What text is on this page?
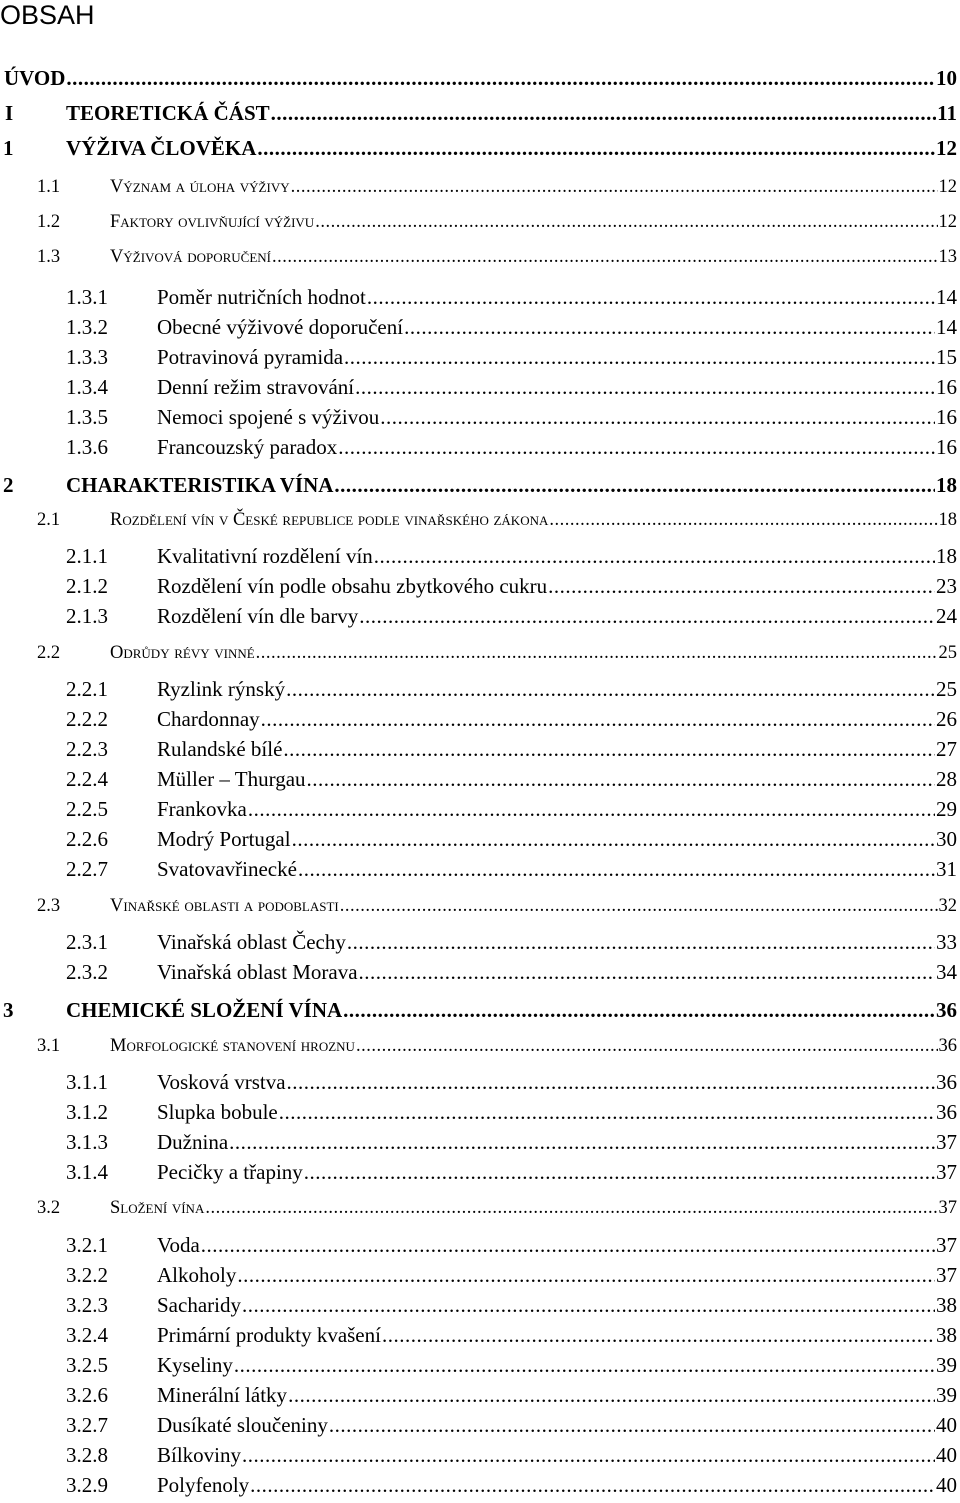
OBSAH
ÚVOD .....	10
I	TEORETICKÁ ČÁST .....	11
1	VÝŽIVA ČLOVĚKA .....	12
1.1	Význam a úloha výživy .....	12
1.2	Faktory ovlivňující výživu .....	12
1.3	Výživová doporučení .....	13
1.3.1 Poměr nutričních hodnot .....	14
1.3.2 Obecné výživové doporučení .....	14
1.3.3 Potravinová pyramida .....	15
1.3.4 Denní režim stravování .....	16
1.3.5 Nemoci spojené s výživou .....	16
1.3.6 Francouzský paradox .....	16
2	CHARAKTERISTIKA VÍNA .....	18
2.1	Rozdělení vín v České republice podle vinařského zákona .....	18
2.1.1 Kvalitativní rozdělení vín .....	18
2.1.2 Rozdělení vín podle obsahu zbytkového cukru .....	23
2.1.3 Rozdělení vín dle barvy .....	24
2.2	Odrůdy révy vinné .....	25
2.2.1 Ryzlink rýnský .....	25
2.2.2 Chardonnay .....	26
2.2.3 Rulandské bílé .....	27
2.2.4 Müller – Thurgau .....	28
2.2.5 Frankovka .....	29
2.2.6 Modrý Portugal .....	30
2.2.7 Svatovavřinecké .....	31
2.3	Vinařské oblasti a podoblasti .....	32
2.3.1 Vinařská oblast Čechy .....	33
2.3.2 Vinařská oblast Morava .....	34
3	CHEMICKÉ SLOŽENÍ VÍNA .....	36
3.1	Morfologické stanovení hroznu .....	36
3.1.1 Vosková vrstva .....	36
3.1.2 Slupka bobule .....	36
3.1.3 Dužnina .....	37
3.1.4 Pecičky a třapiny .....	37
3.2	Složení vína .....	37
3.2.1 Voda .....	37
3.2.2 Alkoholy .....	37
3.2.3 Sacharidy .....	38
3.2.4 Primární produkty kvašení .....	38
3.2.5 Kyseliny .....	39
3.2.6 Minerální látky .....	39
3.2.7 Dusíkaté sloučeniny .....	40
3.2.8 Bílkoviny .....	40
3.2.9 Polyfenoly .....	40
